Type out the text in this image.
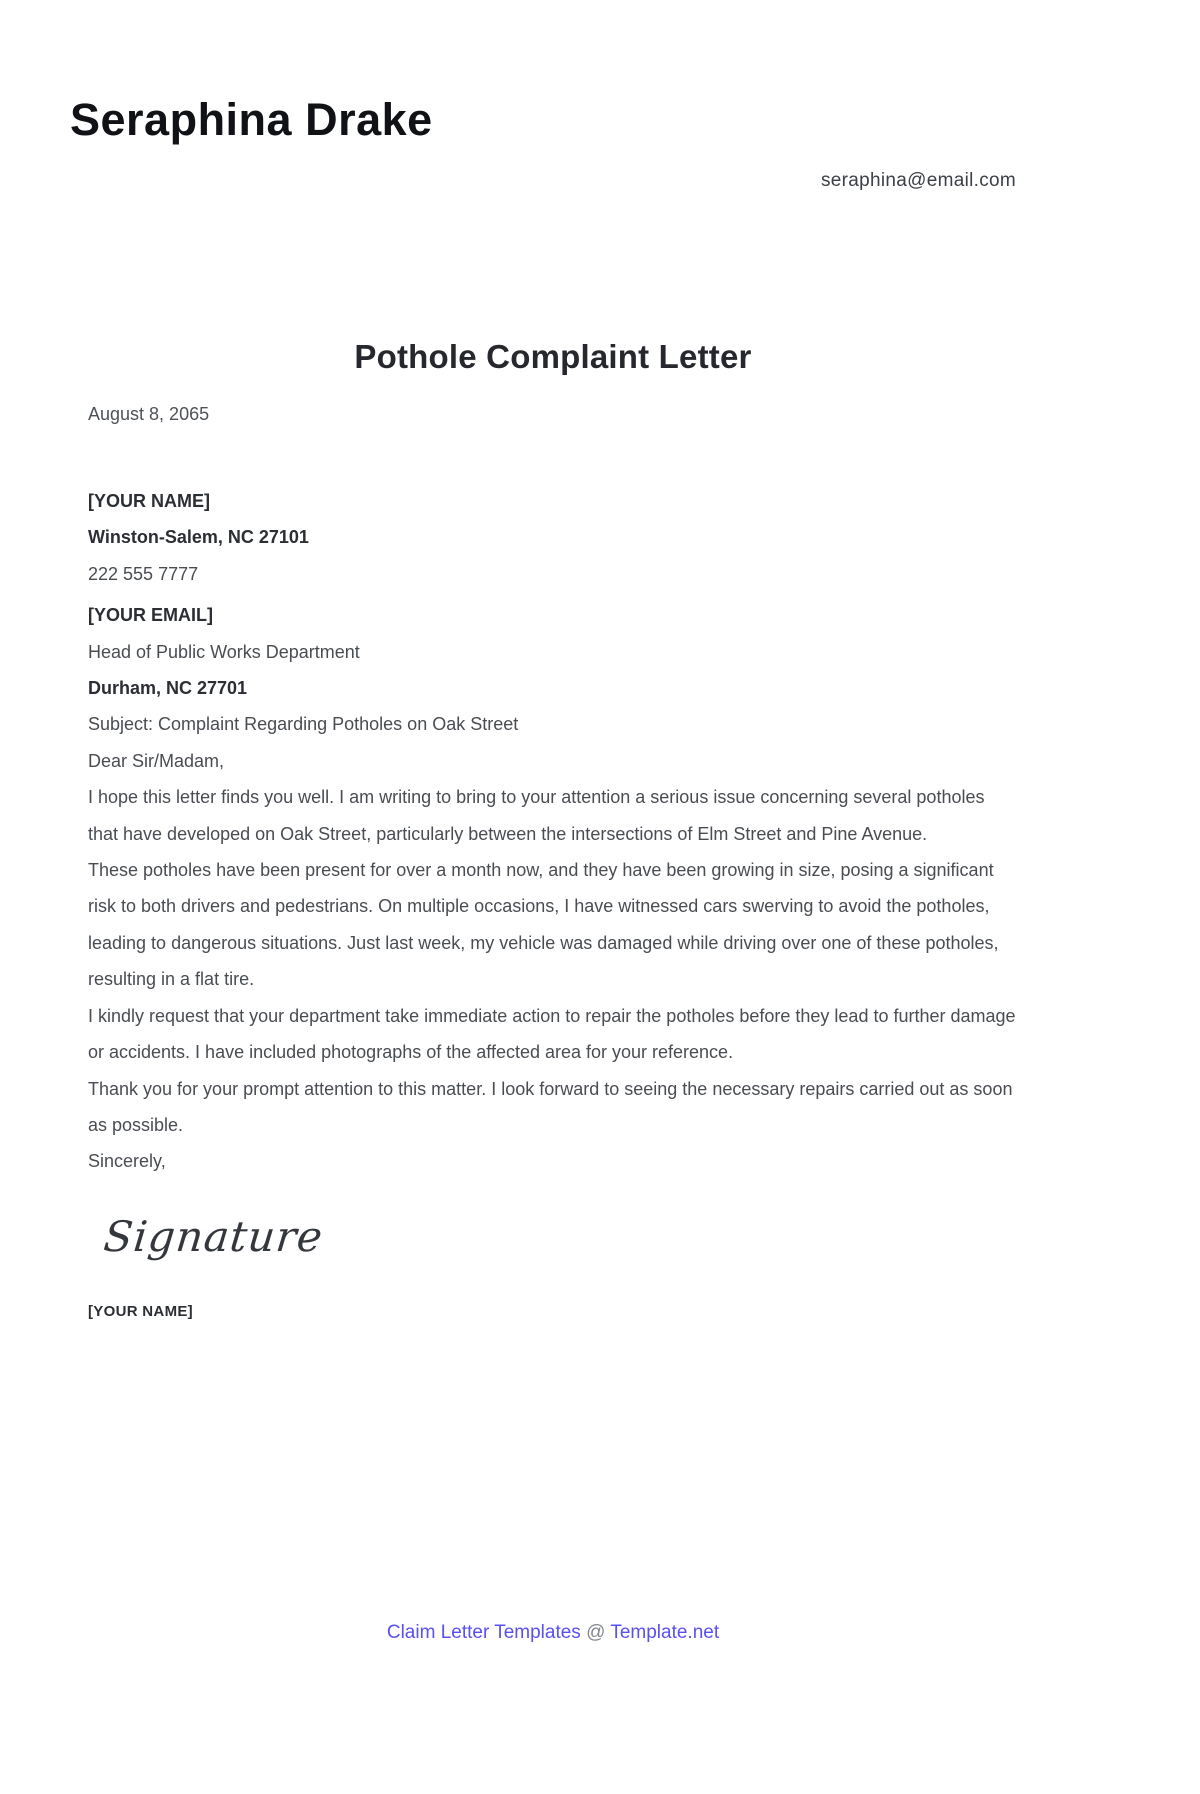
Seraphina Drake
seraphina@email.com
Pothole Complaint Letter
August 8, 2065
[YOUR NAME]
Winston-Salem, NC 27101
222 555 7777
[YOUR EMAIL]
Head of Public Works Department
Durham, NC 27701

Subject: Complaint Regarding Potholes on Oak Street

Dear Sir/Madam,

I hope this letter finds you well. I am writing to bring to your attention a serious issue concerning several potholes that have developed on Oak Street, particularly between the intersections of Elm Street and Pine Avenue.

These potholes have been present for over a month now, and they have been growing in size, posing a significant risk to both drivers and pedestrians. On multiple occasions, I have witnessed cars swerving to avoid the potholes, leading to dangerous situations. Just last week, my vehicle was damaged while driving over one of these potholes, resulting in a flat tire.

I kindly request that your department take immediate action to repair the potholes before they lead to further damage or accidents. I have included photographs of the affected area for your reference.

Thank you for your prompt attention to this matter. I look forward to seeing the necessary repairs carried out as soon as possible.

Sincerely,

Signature
[YOUR NAME]
Claim Letter Templates @ Template.net
